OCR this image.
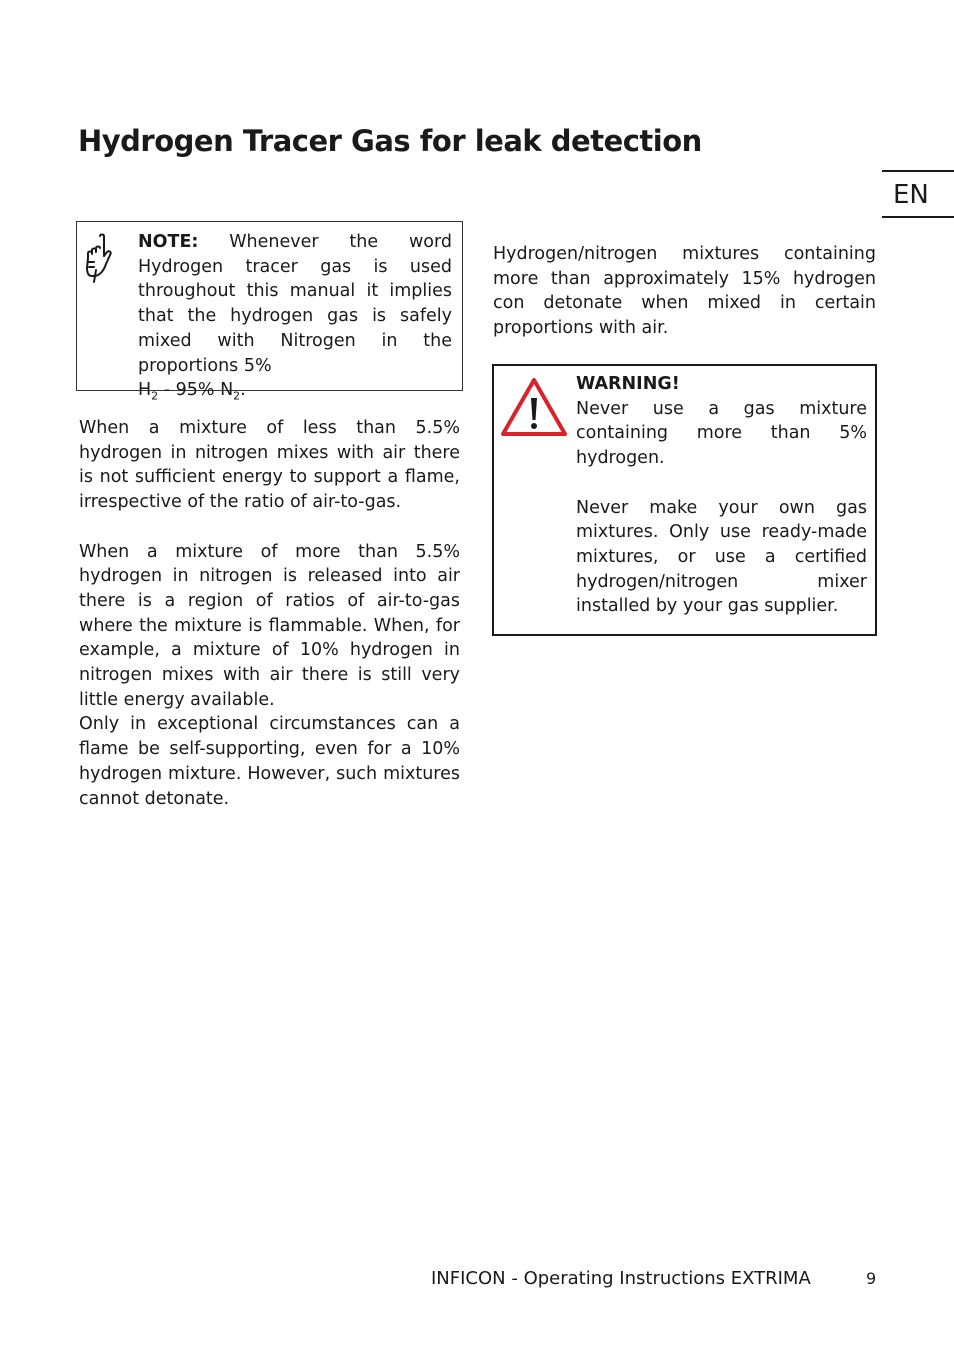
Hydrogen Tracer Gas for leak detection
EN
NOTE: Whenever the word Hydrogen tracer gas is used throughout this manual it implies that the hydrogen gas is safely mixed with Nitrogen in the proportions 5%
$H_2 - 95\%$ $N_2$.

When a mixture of less than 5.5% hydrogen in nitrogen mixes with air there is not sufficient energy to support a flame, irrespective of the ratio of air-to-gas.

When a mixture of more than 5.5% hydrogen in nitrogen is released into air there is a region of ratios of air-to-gas where the mixture is flammable. When, for example, a mixture of 10% hydrogen in nitrogen mixes with air there is still very little energy available.

Only in exceptional circumstances can a flame be self-supporting, even for a 10% hydrogen mixture. However, such mixtures cannot detonate.

Hydrogen/nitrogen mixtures containing more than approximately 15% hydrogen con detonate when mixed in certain proportions with air.

WARNING!

Never use a gas mixture containing more than 5% hydrogen.

Never make your own gas mixtures. Only use ready-made mixtures, or use a certified hydrogen/nitrogen mixer installed by your gas supplier.

INFICON - Operating Instructions EXTRIMA	9
